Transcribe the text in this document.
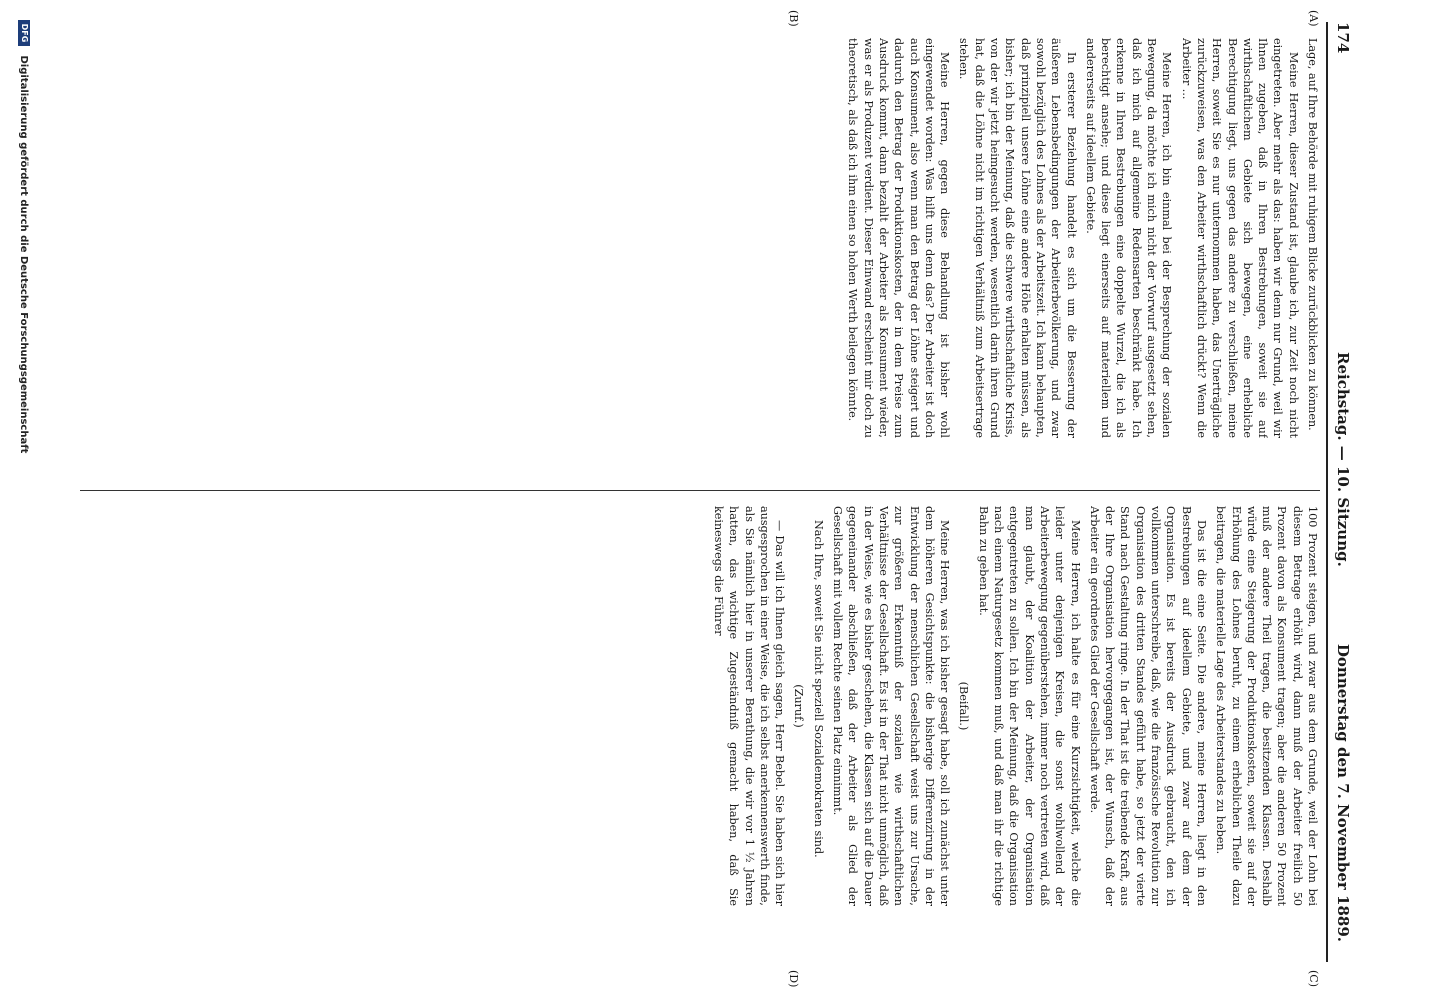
174
Reichstag. — 10. Sitzung.
Donnerstag den 7. November 1889.
(A)
(B)
(C)
(D)

Lage, auf Ihre Behörde mit ruhigem Blicke zurückblicken zu können.

Meine Herren, dieser Zustand ist, glaube ich, zur Zeit noch nicht eingetreten. Aber mehr als das: haben wir denn nur Grund, weil wir Ihnen zugeben, daß in Ihren Bestrebungen, soweit sie auf wirthschaftlichem Gebiete sich bewegen, eine erhebliche Berechtigung liegt, uns gegen das andere zu verschließen, meine Herren, soweit Sie es nur unternommen haben, das Unerträgliche zurückzuweisen, was den Arbeiter wirthschaftlich drückt? Wenn die Arbeiter ...

Meine Herren, ich bin einmal bei der Besprechung der sozialen Bewegung, da möchte ich mich nicht der Vorwurf ausgesetzt sehen, daß ich mich auf allgemeine Redensarten beschränkt habe. Ich erkenne in Ihren Bestrebungen eine doppelte Wurzel, die ich als berechtigt ansehe; und diese liegt einerseits auf materiellem und andererseits auf ideellem Gebiete.

In ersterer Beziehung handelt es sich um die Besserung der äußeren Lebensbedingungen der Arbeiterbevölkerung, und zwar sowohl bezüglich des Lohnes als der Arbeitszeit. Ich kann behaupten, daß prinzipiell unsere Löhne eine andere Höhe erhalten müssen, als bisher; ich bin der Meinung, daß die schwere wirthschaftliche Krisis, von der wir jetzt heimgesucht werden, wesentlich darin ihren Grund hat, daß die Löhne nicht im richtigen Verhältniß zum Arbeitsertrage stehen.

Meine Herren, gegen diese Behandlung ist bisher wohl eingewendet worden: Was hilft uns denn das? Der Arbeiter ist doch auch Konsument, also wenn man den Betrag der Löhne steigert und dadurch den Betrag der Produktionskosten, der in dem Preise zum Ausdruck kommt, dann bezahlt der Arbeiter als Konsument wieder, was er als Produzent verdient. Dieser Einwand erscheint mir doch zu theoretisch, als daß ich ihm einen so hohen Werth beilegen könnte.

100 Prozent steigen, und zwar aus dem Grunde, weil der Lohn bei diesem Betrage erhöht wird, dann muß der Arbeiter freilich 50 Prozent davon als Konsument tragen; aber die anderen 50 Prozent muß der andere Theil tragen, die besitzenden Klassen. Deshalb würde eine Steigerung der Produktionskosten, soweit sie auf der Erhöhung des Lohnes beruht, zu einem erheblichen Theile dazu beitragen, die materielle Lage des Arbeiterstandes zu heben.

Das ist die eine Seite. Die andere, meine Herren, liegt in den Bestrebungen auf ideellem Gebiete, und zwar auf dem der Organisation. Es ist bereits der Ausdruck gebraucht, den ich vollkommen unterschreibe, daß, wie die französische Revolution zur Organisation des dritten Standes geführt habe, so jetzt der vierte Stand nach Gestaltung ringe. In der That ist die treibende Kraft, aus der Ihre Organisation hervorgegangen ist, der Wunsch, daß der Arbeiter ein geordnetes Glied der Gesellschaft werde.

Meine Herren, ich halte es für eine Kurzsichtigkeit, welche die leider unter denjenigen Kreisen, die sonst wohlwollend der Arbeiterbewegung gegenüberstehen, immer noch vertreten wird, daß man glaubt, der Koalition der Arbeiter, der Organisation entgegentreten zu sollen. Ich bin der Meinung, daß die Organisation nach einem Naturgesetz kommen muß, und daß man ihr die richtige Bahn zu geben hat.

(Beifall.)

Meine Herren, was ich bisher gesagt habe, soll ich zunächst unter dem höheren Gesichtspunkte: die bisherige Differenzirung in der Entwicklung der menschlichen Gesellschaft weist uns zur Ursache, zur größeren Erkenntniß der sozialen wie wirthschaftlichen Verhältnisse der Gesellschaft. Es ist in der That nicht unmöglich, daß in der Weise, wie es bisher geschehen, die Klassen sich auf die Dauer gegeneinander abschließen, daß der Arbeiter als Glied der Gesellschaft mit vollem Rechte seinen Platz einnimmt.

Nach Ihre, soweit Sie nicht speziell Sozialdemokraten sind.

(Zuruf.)

— Das will ich Ihnen gleich sagen, Herr Bebel. Sie haben sich hier ausgesprochen in einer Weise, die ich selbst anerkennenswerth finde, als Sie nämlich hier in unserer Berathung, die wir vor 1 ½ Jahren hatten, das wichtige Zugeständniß gemacht haben, daß Sie keineswegs die Führer

DFG Digitalisierung gefördert durch die Deutsche Forschungsgemeinschaft
